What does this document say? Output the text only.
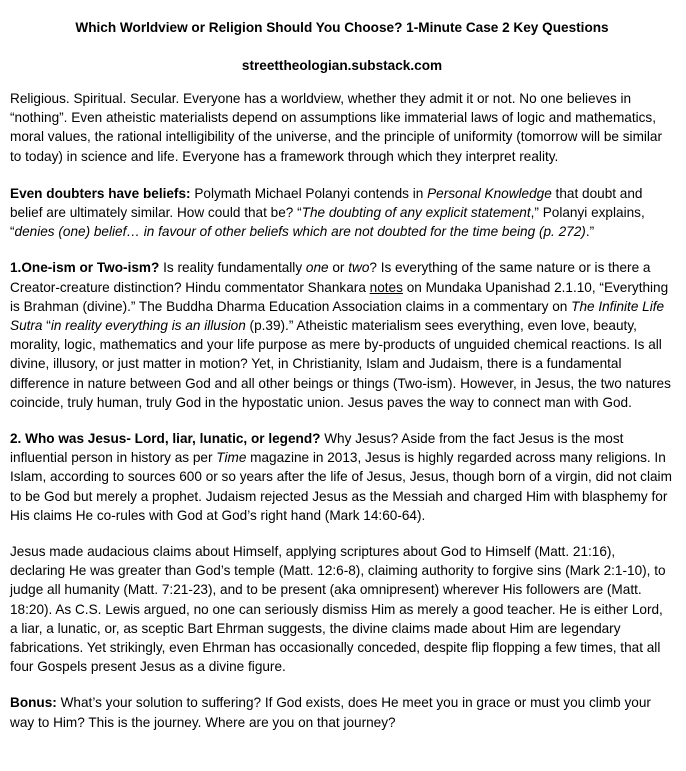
Which Worldview or Religion Should You Choose? 1-Minute Case 2 Key Questions
streettheologian.substack.com

Religious. Spiritual. Secular. Everyone has a worldview, whether they admit it or not. No one believes in “nothing”. Even atheistic materialists depend on assumptions like immaterial laws of logic and mathematics, moral values, the rational intelligibility of the universe, and the principle of uniformity (tomorrow will be similar to today) in science and life. Everyone has a framework through which they interpret reality.

Even doubters have beliefs: Polymath Michael Polanyi contends in Personal Knowledge that doubt and belief are ultimately similar. How could that be? “The doubting of any explicit statement,” Polanyi explains, “denies (one) belief… in favour of other beliefs which are not doubted for the time being (p. 272).”

1.One-ism or Two-ism? Is reality fundamentally one or two? Is everything of the same nature or is there a Creator-creature distinction? Hindu commentator Shankara notes on Mundaka Upanishad 2.1.10, “Everything is Brahman (divine).” The Buddha Dharma Education Association claims in a commentary on The Infinite Life Sutra “in reality everything is an illusion (p.39).” Atheistic materialism sees everything, even love, beauty, morality, logic, mathematics and your life purpose as mere by-products of unguided chemical reactions. Is all divine, illusory, or just matter in motion? Yet, in Christianity, Islam and Judaism, there is a fundamental difference in nature between God and all other beings or things (Two-ism). However, in Jesus, the two natures coincide, truly human, truly God in the hypostatic union. Jesus paves the way to connect man with God.

2. Who was Jesus- Lord, liar, lunatic, or legend? Why Jesus? Aside from the fact Jesus is the most influential person in history as per Time magazine in 2013, Jesus is highly regarded across many religions. In Islam, according to sources 600 or so years after the life of Jesus, Jesus, though born of a virgin, did not claim to be God but merely a prophet. Judaism rejected Jesus as the Messiah and charged Him with blasphemy for His claims He co-rules with God at God’s right hand (Mark 14:60-64).

Jesus made audacious claims about Himself, applying scriptures about God to Himself (Matt. 21:16), declaring He was greater than God’s temple (Matt. 12:6-8), claiming authority to forgive sins (Mark 2:1-10), to judge all humanity (Matt. 7:21-23), and to be present (aka omnipresent) wherever His followers are (Matt. 18:20). As C.S. Lewis argued, no one can seriously dismiss Him as merely a good teacher. He is either Lord, a liar, a lunatic, or, as sceptic Bart Ehrman suggests, the divine claims made about Him are legendary fabrications. Yet strikingly, even Ehrman has occasionally conceded, despite flip flopping a few times, that all four Gospels present Jesus as a divine figure.

Bonus: What’s your solution to suffering? If God exists, does He meet you in grace or must you climb your way to Him? This is the journey. Where are you on that journey?
